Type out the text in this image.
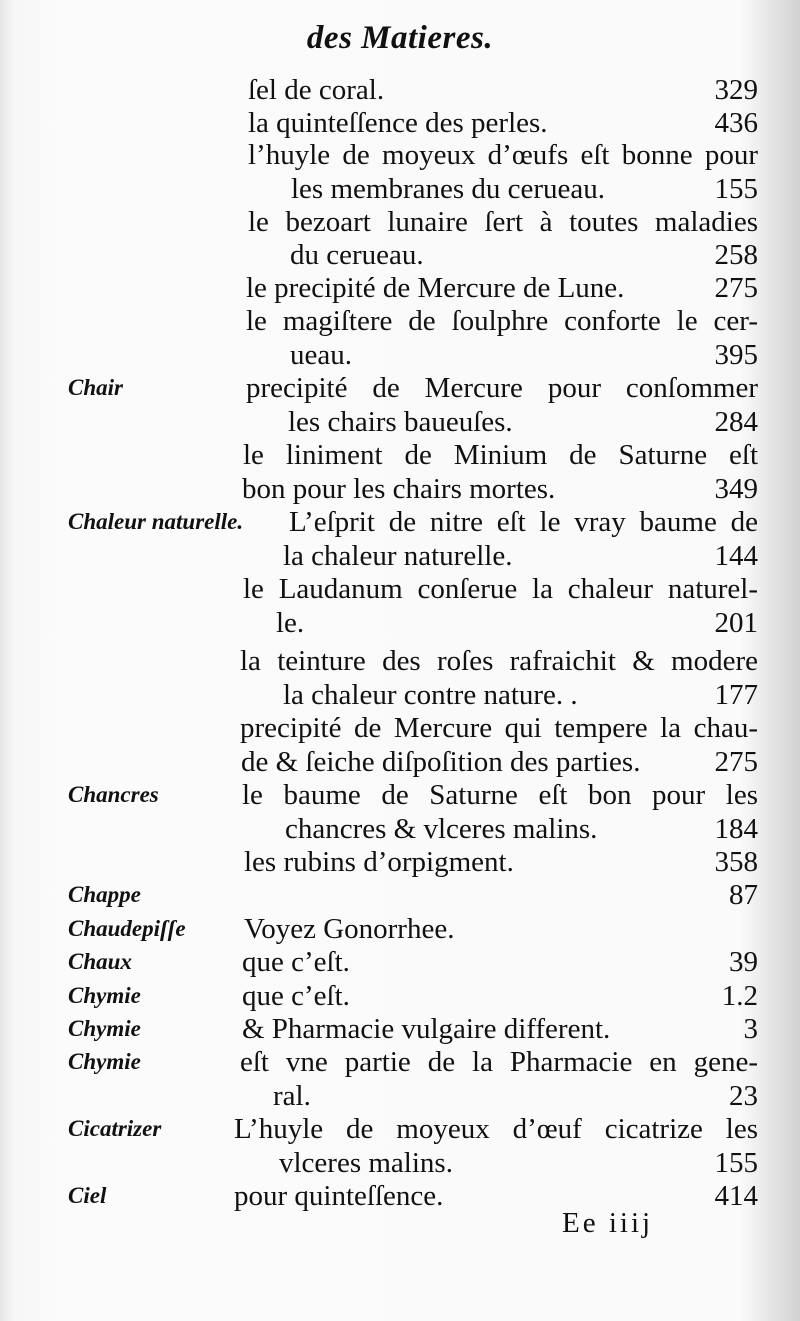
des Matieres.
ſel de coral.	329
la quinteſſence des perles.	436
l’huyle de moyeux d’œufs eſt bonne pour
les membranes du cerueau.	155
le bezoart lunaire ſert à toutes maladies
du cerueau.	258
le precipité de Mercure de Lune.	275
le magiſtere de ſoulphre conforte le cer-
ueau.	395
Chair	precipité de Mercure pour conſommer
les chairs baueuſes.	284
le liniment de Minium de Saturne eſt
bon pour les chairs mortes.	349
Chaleur naturelle. L’eſprit de nitre eſt le vray baume de
la chaleur naturelle.	144
le Laudanum conſerue la chaleur naturel-
le.	201
la teinture des roſes rafraichit & modere
la chaleur contre nature. .	177
precipité de Mercure qui tempere la chau-
de & ſeiche diſpoſition des parties.	275
Chancres	le baume de Saturne eſt bon pour les
chancres & vlceres malins.	184
les rubins d’orpigment.	358
Chappe	87
Chaudepiſſe Voyez Gonorrhee.
Chaux	que c’eſt.	39
Chymie	que c’eſt.	1.2
Chymie	& Pharmacie vulgaire different.	3
Chymie	eſt vne partie de la Pharmacie en gene-
ral.	23
Cicatrizer	L’huyle de moyeux d’œuf cicatrize les
vlceres malins.	155
Ciel	pour quinteſſence.	414
Ee iiij
